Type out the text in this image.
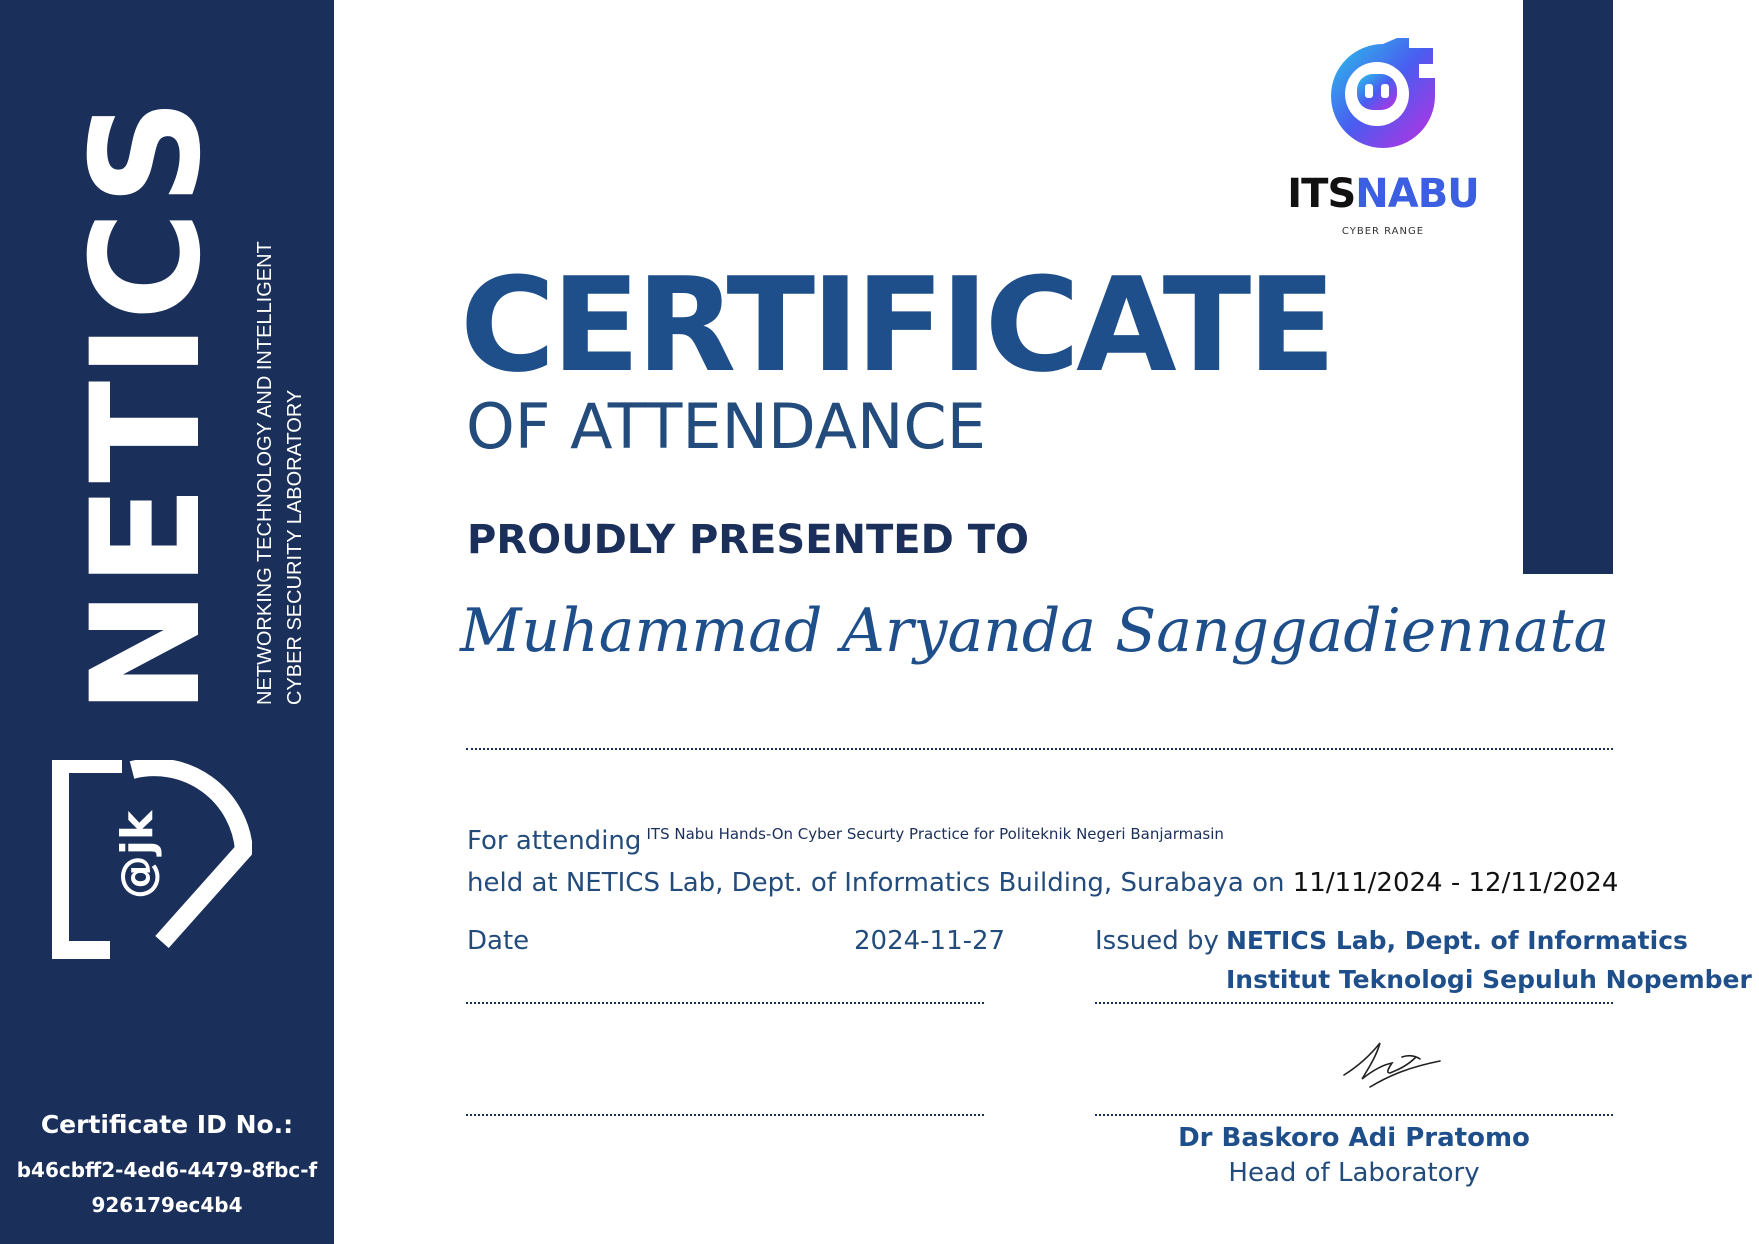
NETICS NETWORKING TECHNOLOGY AND INTELLIGENT CYBER SECURITY LABORATORY
@jk
Certificate ID No.:
b46cbff2-4ed6-4479-8fbc-f926179ec4b4
ITSNABU
CYBER RANGE
CERTIFICATE
OF ATTENDANCE
PROUDLY PRESENTED TO
Muhammad Aryanda Sanggadiennata
For attending ITS Nabu Hands-On Cyber Securty Practice for Politeknik Negeri Banjarmasin
held at NETICS Lab, Dept. of Informatics Building, Surabaya on 11/11/2024 - 12/11/2024
Date	2024-11-27	Issued by NETICS Lab, Dept. of Informatics
Institut Teknologi Sepuluh Nopember
Dr Baskoro Adi Pratomo
Head of Laboratory
